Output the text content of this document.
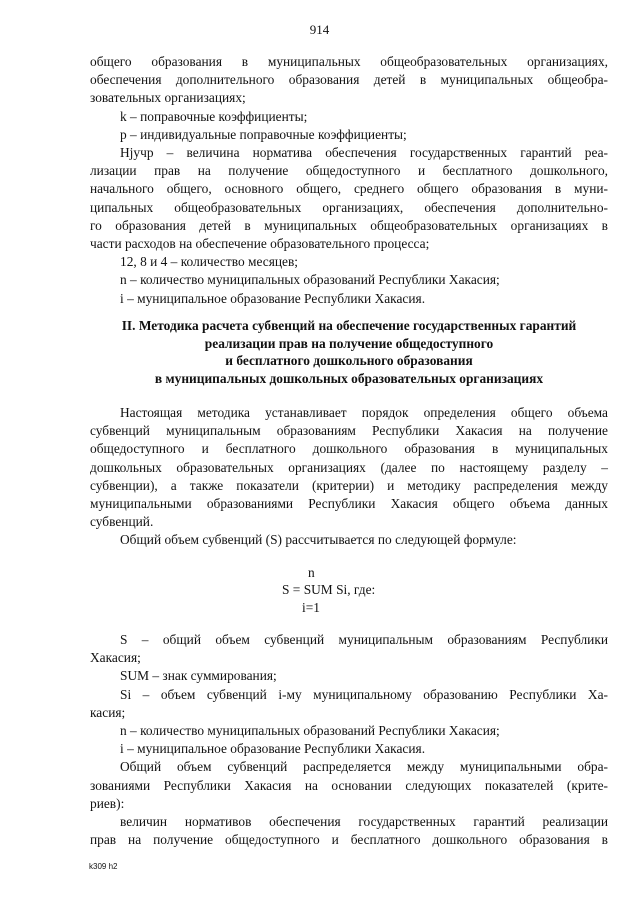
914

общего образования в муниципальных общеобразовательных организациях,

обеспечения дополнительного образования детей в муниципальных общеобра-

зовательных организациях;

k – поправочные коэффициенты;

p – индивидуальные поправочные коэффициенты;

Нjучр – величина норматива обеспечения государственных гарантий реа-

лизации прав на получение общедоступного и бесплатного дошкольного,

начального общего, основного общего, среднего общего образования в муни-

ципальных общеобразовательных организациях, обеспечения дополнительно-

го образования детей в муниципальных общеобразовательных организациях в

части расходов на обеспечение образовательного процесса;

12, 8 и 4 – количество месяцев;

n – количество муниципальных образований Республики Хакасия;

i – муниципальное образование Республики Хакасия.

II. Методика расчета субвенций на обеспечение государственных гарантий
реализации прав на получение общедоступного
и бесплатного дошкольного образования
в муниципальных дошкольных образовательных организациях

Настоящая методика устанавливает порядок определения общего объема

субвенций муниципальным образованиям Республики Хакасия на получение

общедоступного и бесплатного дошкольного образования в муниципальных

дошкольных образовательных организациях (далее по настоящему разделу –

субвенции), а также показатели (критерии) и методику распределения между

муниципальными образованиями Республики Хакасия общего объема данных

субвенций.

Общий объем субвенций (S) рассчитывается по следующей формуле:

n
S = SUM Si, где:
i=1

S – общий объем субвенций муниципальным образованиям Республики

Хакасия;

SUM – знак суммирования;

Si – объем субвенций i-му муниципальному образованию Республики Ха-

касия;

n – количество муниципальных образований Республики Хакасия;

i – муниципальное образование Республики Хакасия.

Общий объем субвенций распределяется между муниципальными обра-

зованиями Республики Хакасия на основании следующих показателей (крите-

риев):

величин нормативов обеспечения государственных гарантий реализации

прав на получение общедоступного и бесплатного дошкольного образования в

k309 h2
